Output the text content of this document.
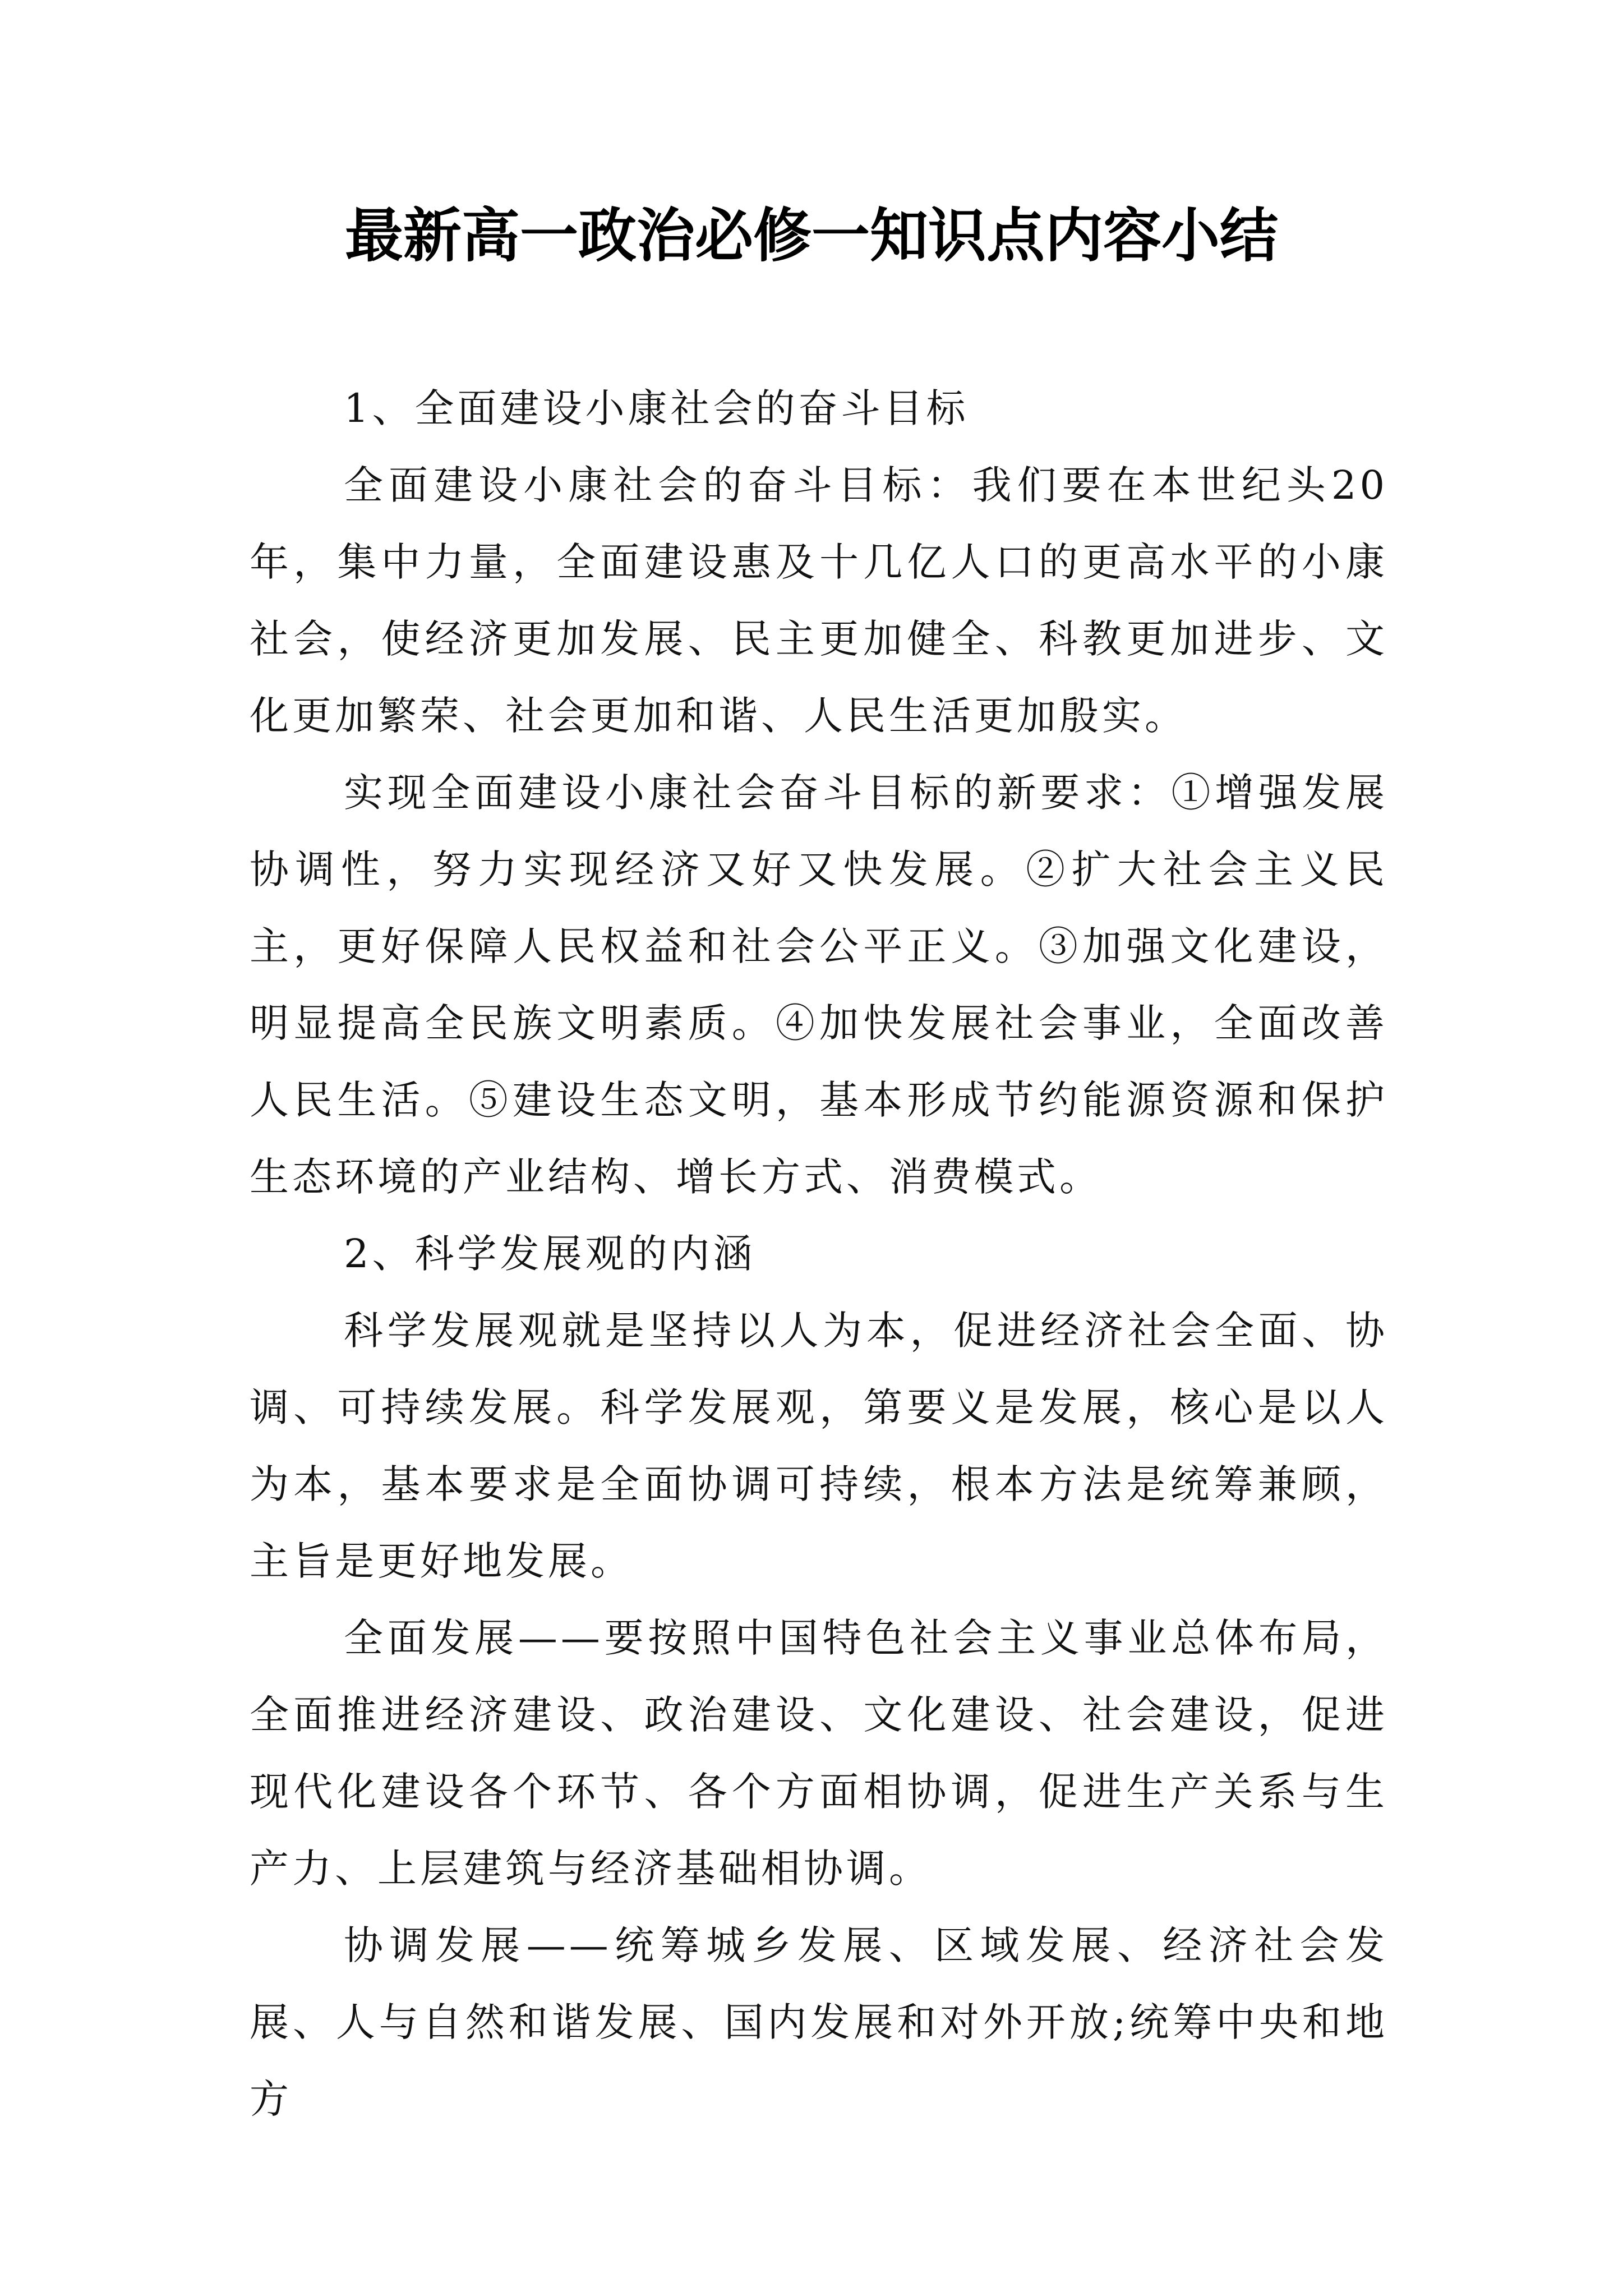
最新高一政治必修一知识点内容小结

1、全面建设小康社会的奋斗目标

全面建设小康社会的奋斗目标：我们要在本世纪头20年，集中力量，全面建设惠及十几亿人口的更高水平的小康社会，使经济更加发展、民主更加健全、科教更加进步、文化更加繁荣、社会更加和谐、人民生活更加殷实。

实现全面建设小康社会奋斗目标的新要求：①增强发展协调性，努力实现经济又好又快发展。②扩大社会主义民主，更好保障人民权益和社会公平正义。③加强文化建设，明显提高全民族文明素质。④加快发展社会事业，全面改善人民生活。⑤建设生态文明，基本形成节约能源资源和保护生态环境的产业结构、增长方式、消费模式。

2、科学发展观的内涵

科学发展观就是坚持以人为本，促进经济社会全面、协调、可持续发展。科学发展观，第要义是发展，核心是以人为本，基本要求是全面协调可持续，根本方法是统筹兼顾，主旨是更好地发展。

全面发展——要按照中国特色社会主义事业总体布局，全面推进经济建设、政治建设、文化建设、社会建设，促进现代化建设各个环节、各个方面相协调，促进生产关系与生产力、上层建筑与经济基础相协调。

协调发展——统筹城乡发展、区域发展、经济社会发展、人与自然和谐发展、国内发展和对外开放;统筹中央和地方
